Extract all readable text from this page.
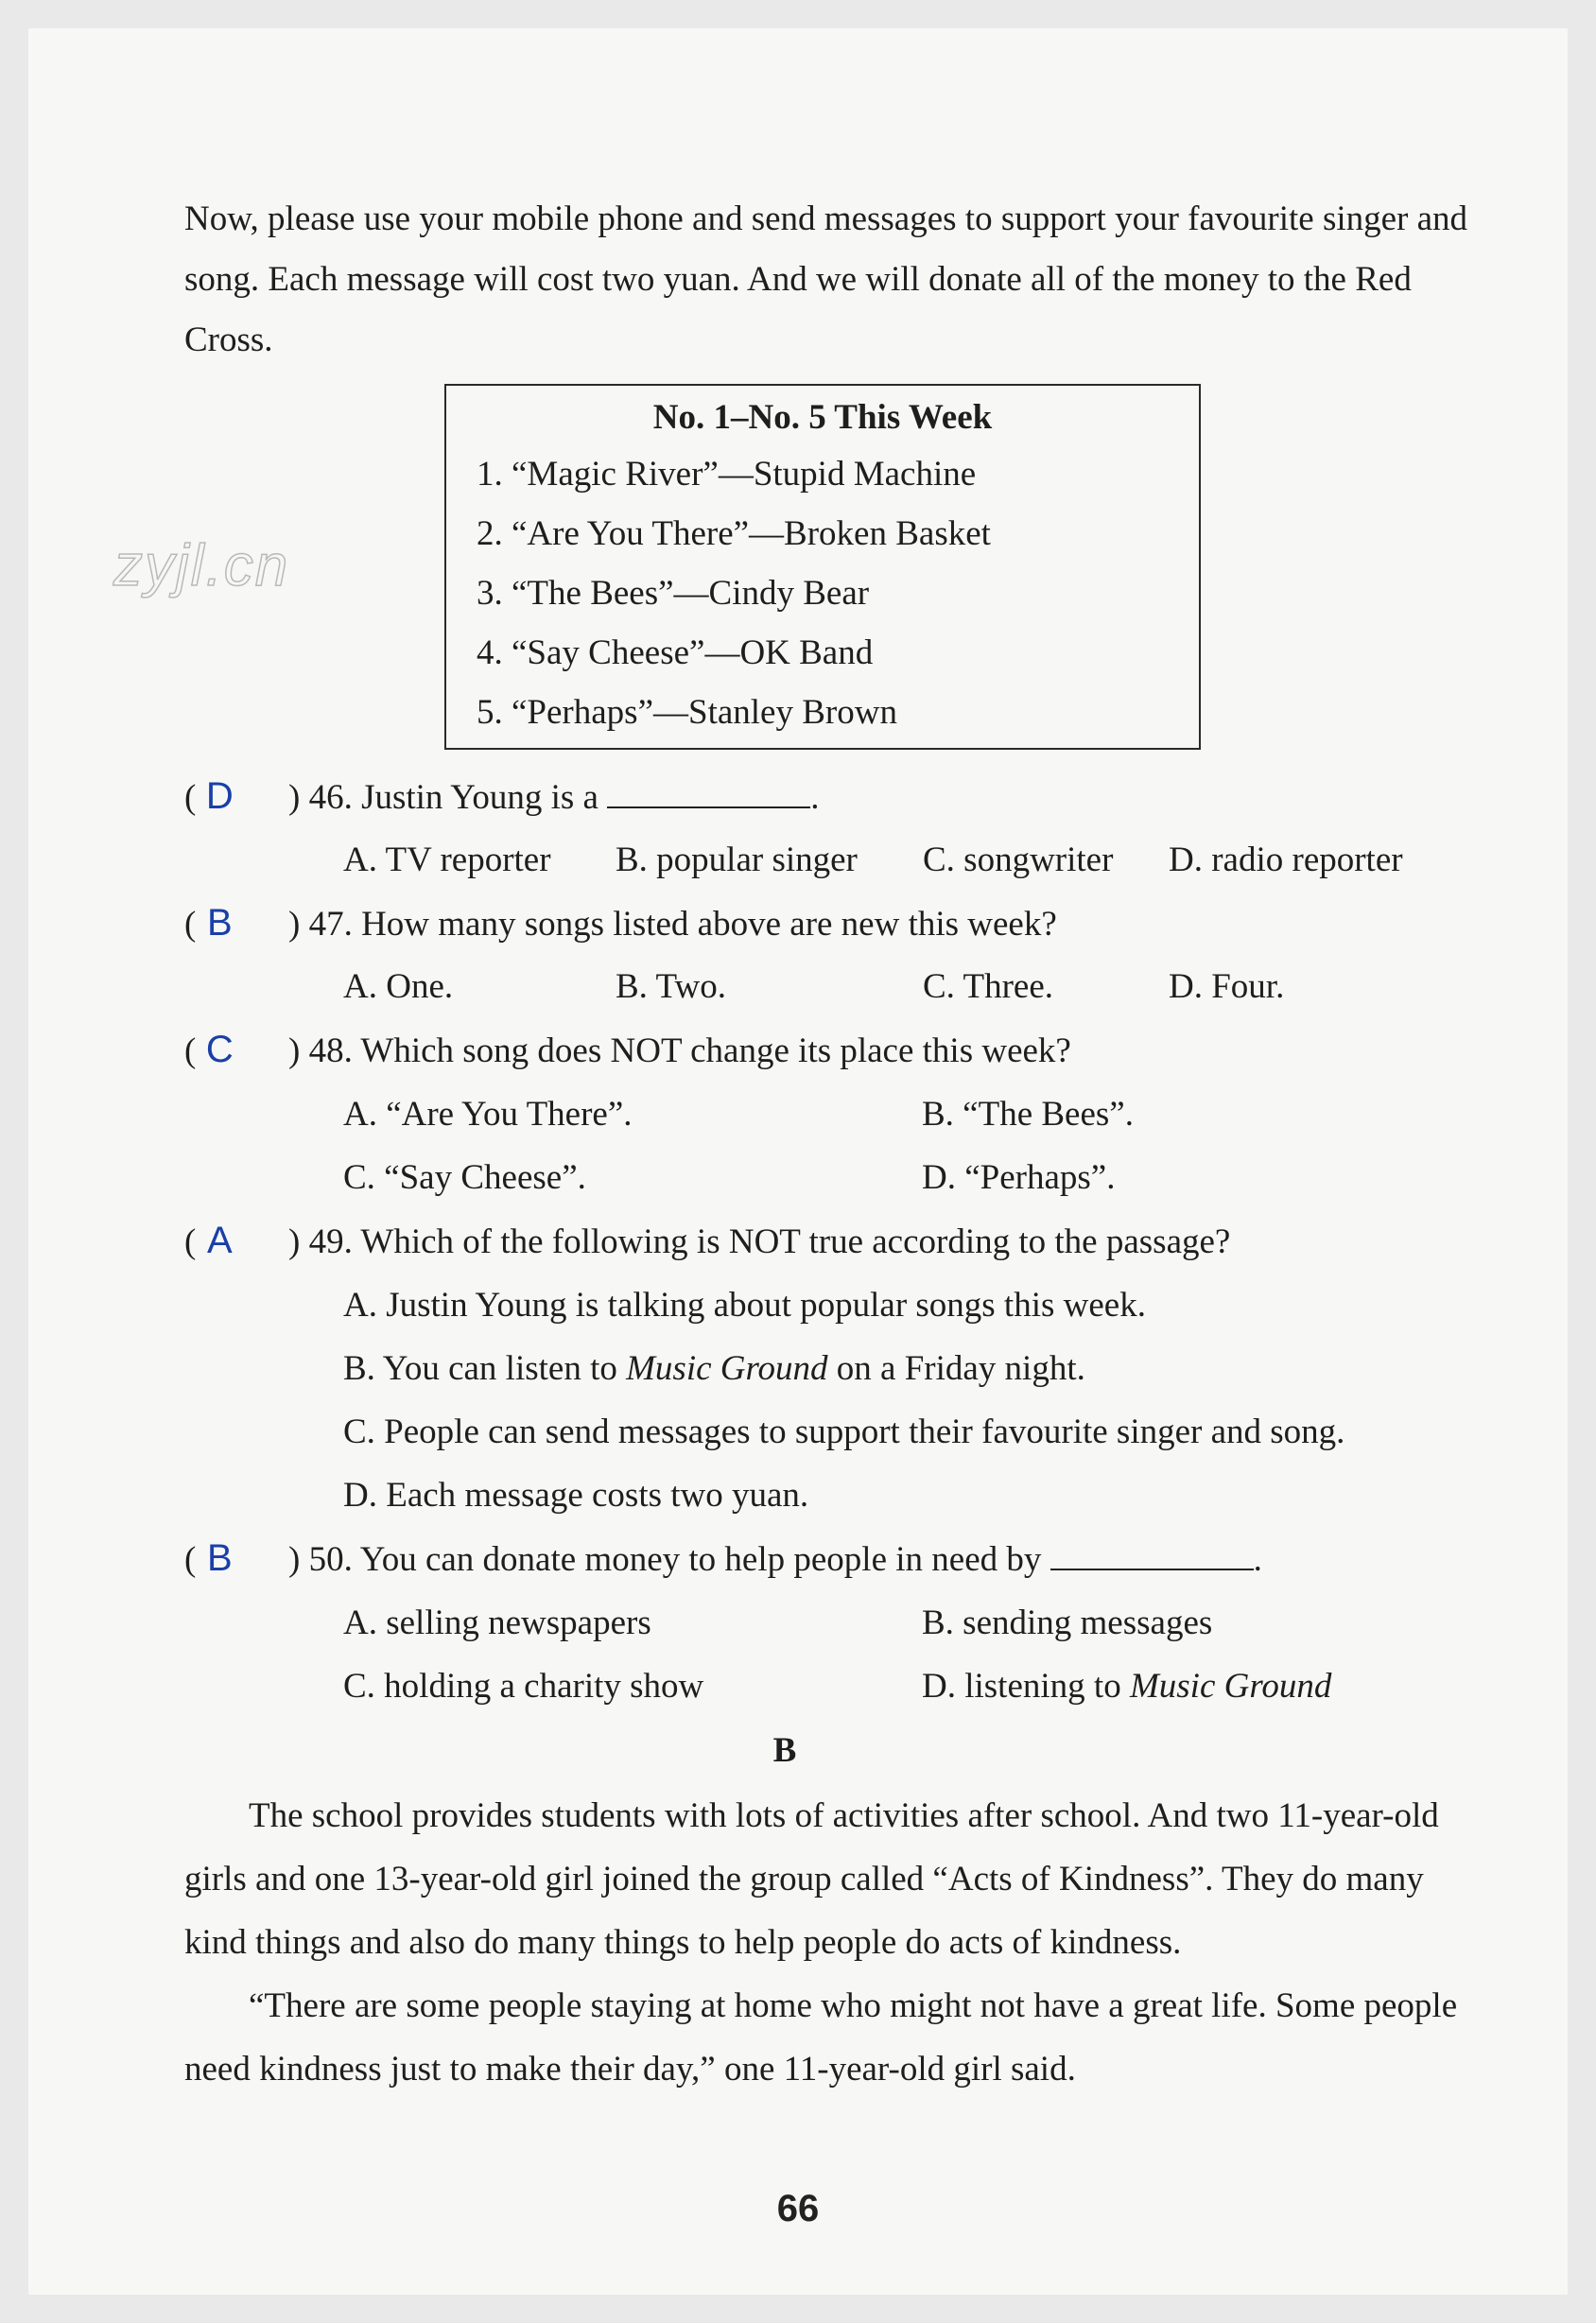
zyjl.cn

Now, please use your mobile phone and send messages to support your favourite singer and song. Each message will cost two yuan. And we will donate all of the money to the Red Cross.

No. 1–No. 5 This Week
1. “Magic River”—Stupid Machine
2. “Are You There”—Broken Basket
3. “The Bees”—Cindy Bear
4. “Say Cheese”—OK Band
5. “Perhaps”—Stanley Brown
( D ) 46. Justin Young is a	.
A. TV reporter	B. popular singer	C. songwriter	D. radio reporter
( B ) 47. How many songs listed above are new this week?
A. One.	B. Two.	C. Three.	D. Four.
( C ) 48. Which song does NOT change its place this week?
A. “Are You There”.	B. “The Bees”.
C. “Say Cheese”.	D. “Perhaps”.
( A ) 49. Which of the following is NOT true according to the passage?
A. Justin Young is talking about popular songs this week.
B. You can listen to Music Ground on a Friday night.
C. People can send messages to support their favourite singer and song.
D. Each message costs two yuan.
( B ) 50. You can donate money to help people in need by	.
A. selling newspapers	B. sending messages
C. holding a charity show	D. listening to Music Ground
B

The school provides students with lots of activities after school. And two 11-year-old girls and one 13-year-old girl joined the group called “Acts of Kindness”. They do many kind things and also do many things to help people do acts of kindness.

“There are some people staying at home who might not have a great life. Some people need kindness just to make their day,” one 11-year-old girl said.

66
